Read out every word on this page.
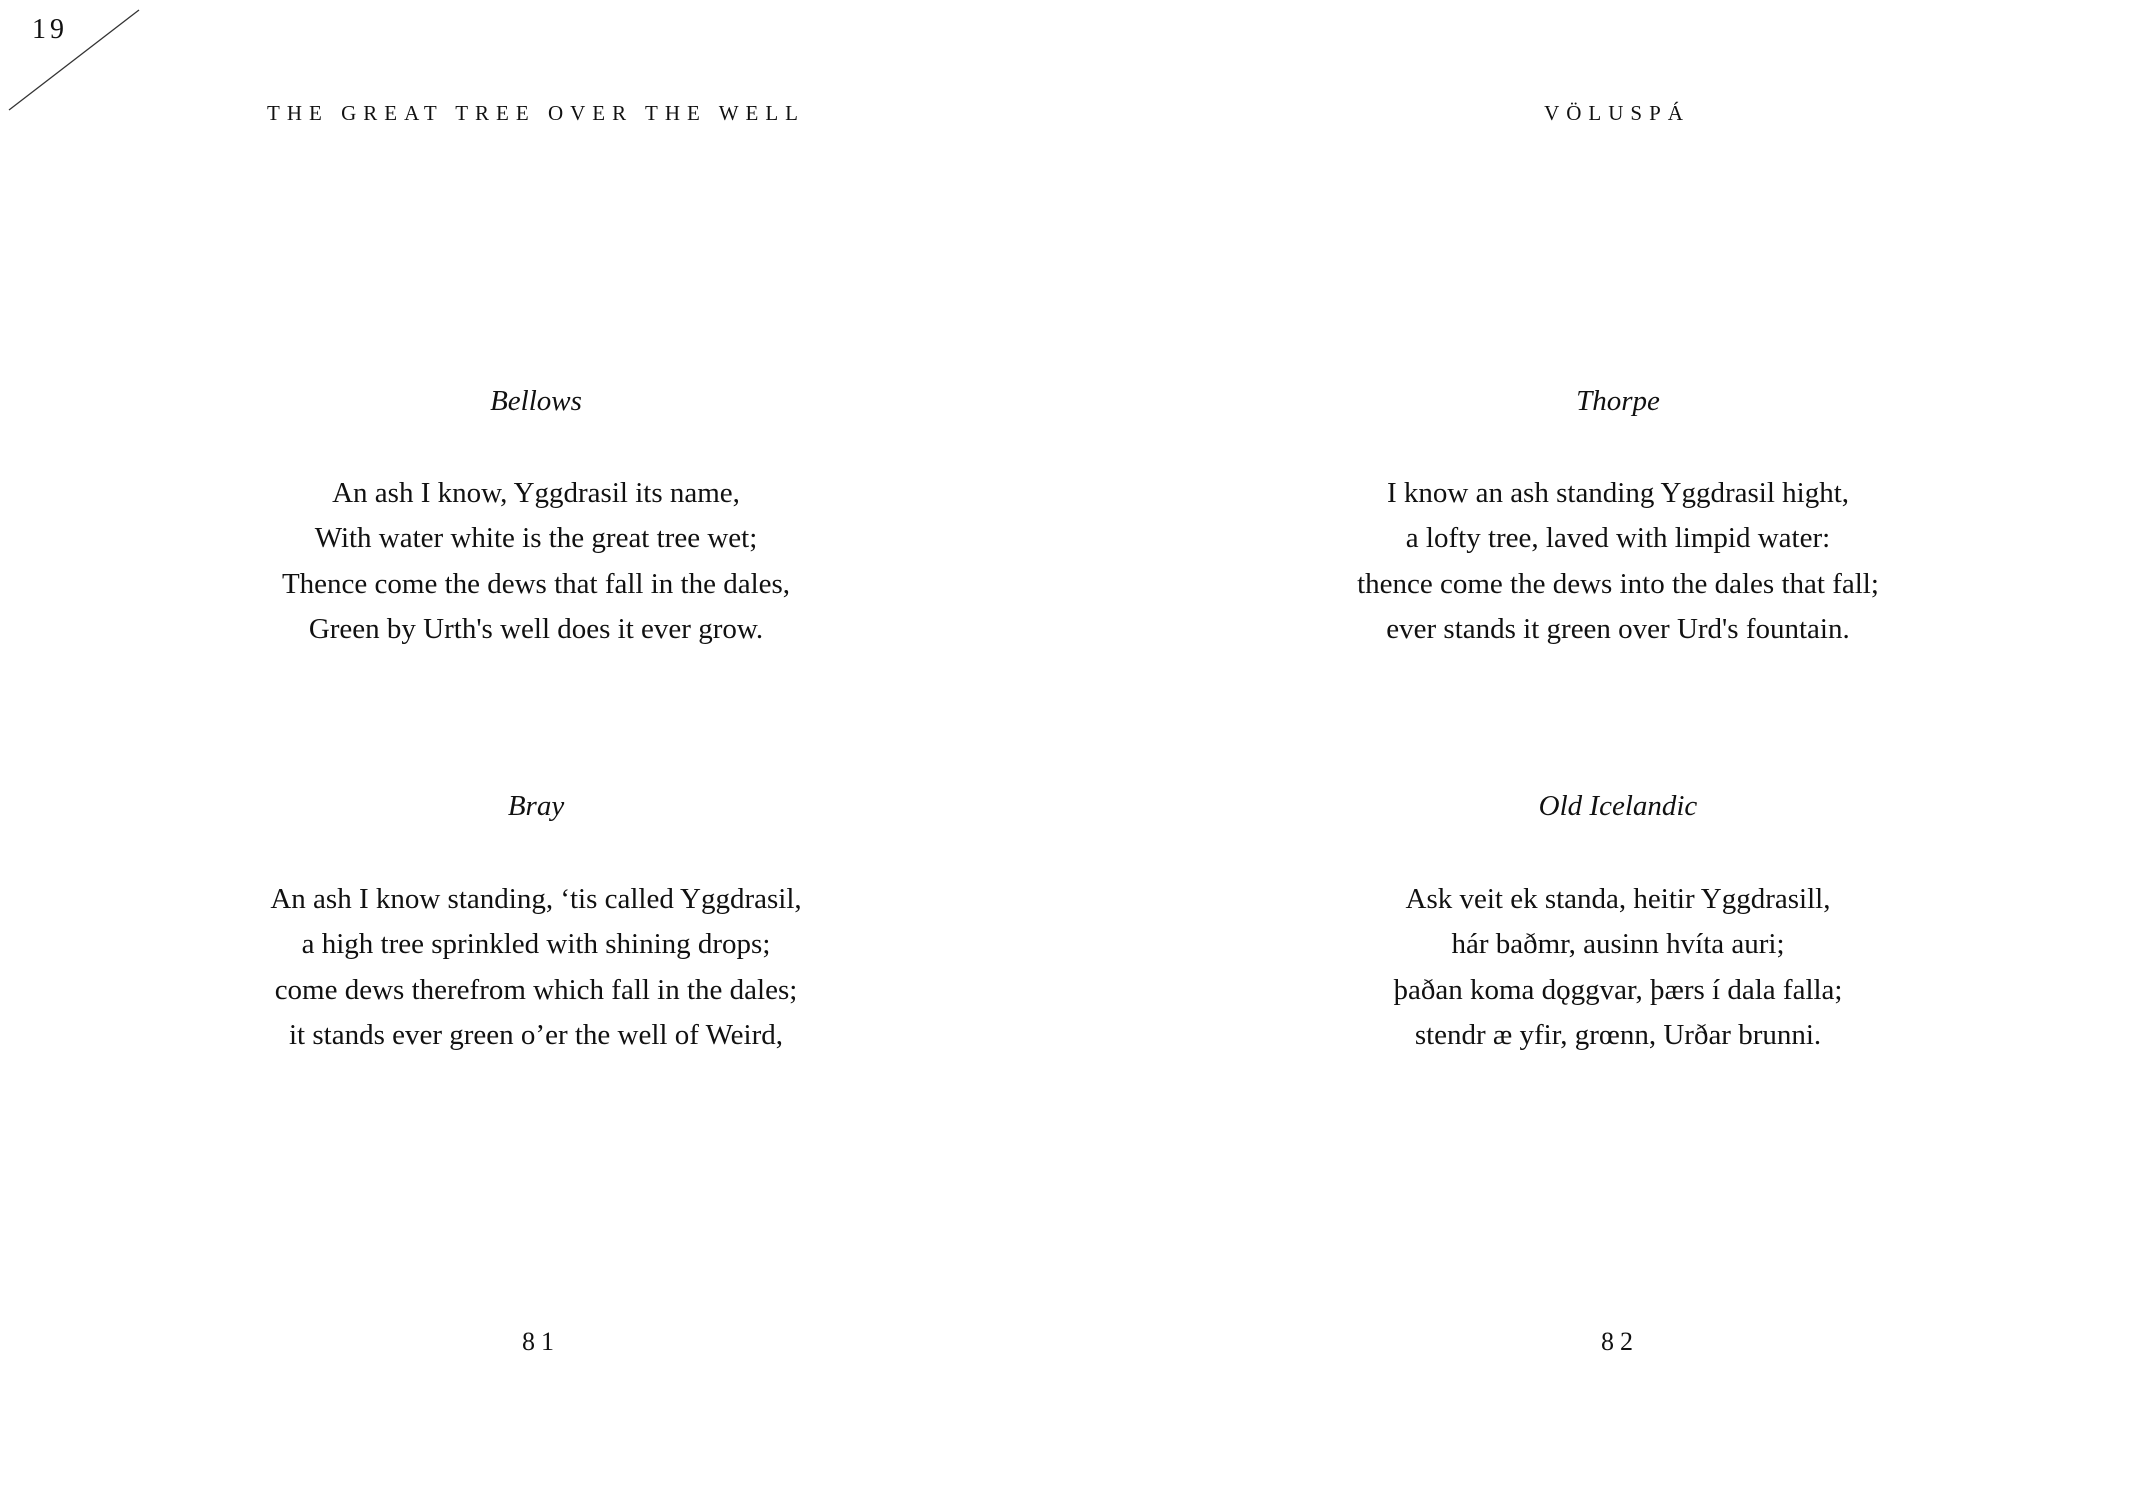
19
THE GREAT TREE OVER THE WELL
Bellows
An ash I know, Yggdrasil its name,
With water white is the great tree wet;
Thence come the dews that fall in the dales,
Green by Urth's well does it ever grow.
Bray
An ash I know standing, ‘tis called Yggdrasil,
a high tree sprinkled with shining drops;
come dews therefrom which fall in the dales;
it stands ever green o’er the well of Weird,
81
VÖLUSPÁ
Thorpe
I know an ash standing Yggdrasil hight,
a lofty tree, laved with limpid water:
thence come the dews into the dales that fall;
ever stands it green over Urd's fountain.
Old Icelandic
Ask veit ek standa, heitir Yggdrasill,
hár baðmr, ausinn hvíta auri;
þaðan koma dǫggvar, þærs í dala falla;
stendr æ yfir, grœnn, Urðar brunni.
82
